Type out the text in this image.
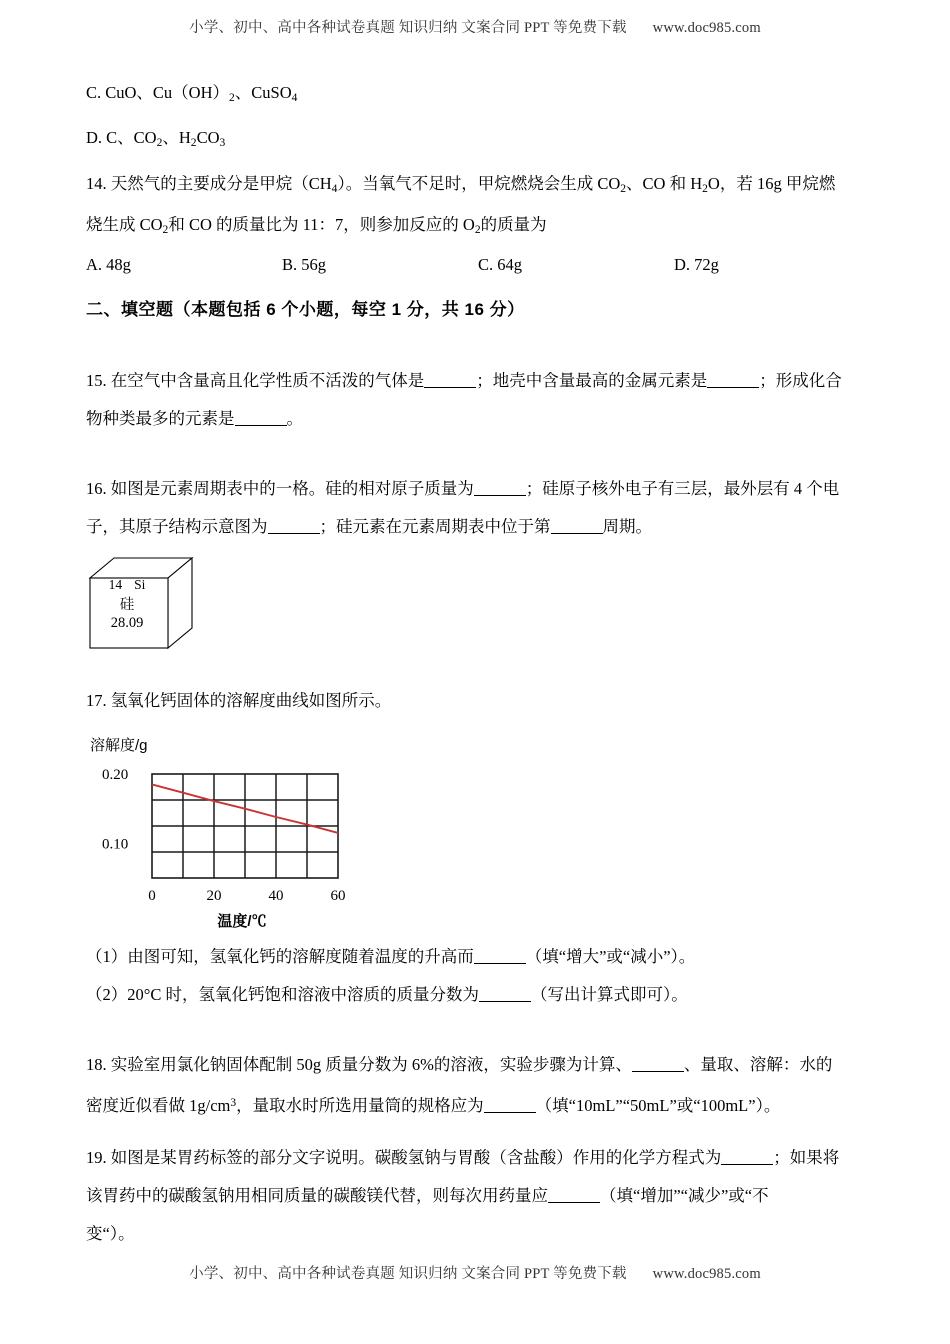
小学、初中、高中各种试卷真题 知识归纳 文案合同 PPT 等免费下载 www.doc985.com

C. CuO、$Cu(OH)_2$、CuSO$_4$

D. C、$CO_2$、$H_2CO_3$

14. 天然气的主要成分是甲烷$(CH_4)$。当氧气不足时，甲烷燃烧会生成 $CO_2$、CO 和 $H_2O$，若 16g 甲烷燃

烧生成 $CO_2$和 CO 的质量比为 11：7，则参加反应的 $O_2$的质量为

A. 48g	B. 56g	C. 64g	D. 72g

二、填空题（本题包括 6 个小题，每空 1 分，共 16 分）

15. 在空气中含量高且化学性质不活泼的气体是	；地壳中含量最高的金属元素是	；形成化合

物种类最多的元素是	。

16. 如图是元素周期表中的一格。硅的相对原子质量为	；硅原子核外电子有三层，最外层有 4 个电

子，其原子结构示意图为	；硅元素在元素周期表中位于第	周期。

14 Si
硅
28.09

17. 氢氧化钙固体的溶解度曲线如图所示。

溶解度/g
0.20
0.10
0	20	40	60
温度/℃

（1）由图可知，氢氧化钙的溶解度随着温度的升高而	（填“增大”或“减小”）。

（2）20°C 时，氢氧化钙饱和溶液中溶质的质量分数为	（写出计算式即可）。

18. 实验室用氯化钠固体配制 50g 质量分数为 6%的溶液，实验步骤为计算、	、量取、溶解：水的

密度近似看做 $1g/cm^3$，量取水时所选用量筒的规格应为	（填“10mL”“50mL”或“100mL”）。

19. 如图是某胃药标签的部分文字说明。碳酸氢钠与胃酸（含盐酸）作用的化学方程式为	；如果将

该胃药中的碳酸氢钠用相同质量的碳酸镁代替，则每次用药量应	（填“增加”“减少”或“不

变“）。

小学、初中、高中各种试卷真题 知识归纳 文案合同 PPT 等免费下载 www.doc985.com
